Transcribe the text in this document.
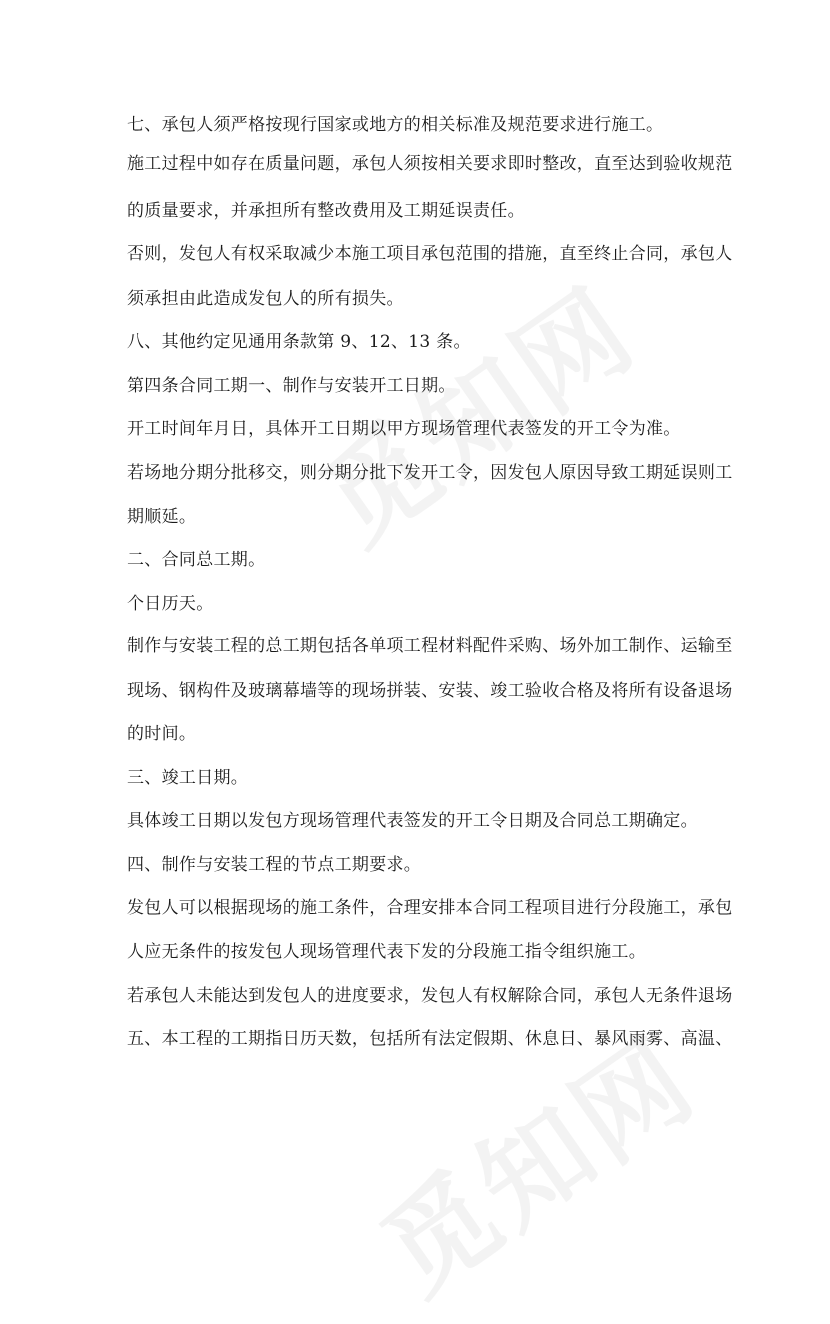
七、承包人须严格按现行国家或地方的相关标准及规范要求进行施工。
施工过程中如存在质量问题，承包人须按相关要求即时整改，直至达到验收规范
的质量要求，并承担所有整改费用及工期延误责任。
否则，发包人有权采取减少本施工项目承包范围的措施，直至终止合同，承包人
须承担由此造成发包人的所有损失。
八、其他约定见通用条款第 9、12、13 条。
第四条合同工期一、制作与安装开工日期。
开工时间年月日，具体开工日期以甲方现场管理代表签发的开工令为准。
若场地分期分批移交，则分期分批下发开工令，因发包人原因导致工期延误则工
期顺延。
二、合同总工期。
个日历天。
制作与安装工程的总工期包括各单项工程材料配件采购、场外加工制作、运输至
现场、钢构件及玻璃幕墙等的现场拼装、安装、竣工验收合格及将所有设备退场
的时间。
三、竣工日期。
具体竣工日期以发包方现场管理代表签发的开工令日期及合同总工期确定。
四、制作与安装工程的节点工期要求。
发包人可以根据现场的施工条件，合理安排本合同工程项目进行分段施工，承包
人应无条件的按发包人现场管理代表下发的分段施工指令组织施工。
若承包人未能达到发包人的进度要求，发包人有权解除合同，承包人无条件退场
五、本工程的工期指日历天数，包括所有法定假期、休息日、暴风雨雾、高温、
